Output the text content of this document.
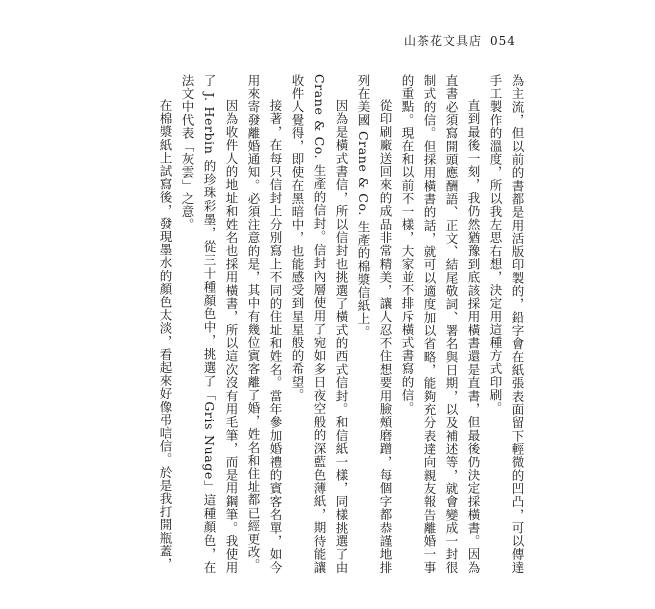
山茶花文具店 054

為主流，但以前的書都是用活版印製的，鉛字會在紙張表面留下輕微的凹凸，可以傳達手工製作的溫度，所以我左思右想，決定用這種方式印刷。

直到最後一刻，我仍然猶豫到底該採用橫書還是直書，但最後仍決定採橫書。因為直書必須寫開頭應酬語、正文、結尾敬詞、署名與日期，以及補述等，就會變成一封很制式的信。但採用橫書的話，就可以適度加以省略，能夠充分表達向親友報告離婚一事的重點。現在和以前不一樣，大家並不排斥橫式書寫的信。

從印刷廠送回來的成品非常精美，讓人忍不住想要用臉頰磨蹭，每個字都恭謹地排列在美國 Crane & Co. 生產的棉漿信紙上。

因為是橫式書信，所以信封也挑選了橫式的西式信封。和信紙一樣，同樣挑選了由 Crane & Co. 生產的信封。信封內層使用了宛如多日夜空般的深藍色薄紙，期待能讓收件人覺得，即使在黑暗中，也能感受到星星般的希望。

接著，在每只信封上分別寫上不同的住址和姓名。當年參加婚禮的賓客名單，如今用來寄發離婚通知。必須注意的是，其中有幾位賓客離了婚，姓名和住址都已經更改。

因為收件人的地址和姓名也採用橫書，所以這次沒有用毛筆，而是用鋼筆。我使用了 J. Herbin 的珍珠彩墨，從三十種顏色中，挑選了「Gris Nuage」這種顏色，在法文中代表「灰雲」之意。

在棉漿紙上試寫後，發現墨水的顏色太淡，看起來好像弔唁信。於是我打開瓶蓋，
